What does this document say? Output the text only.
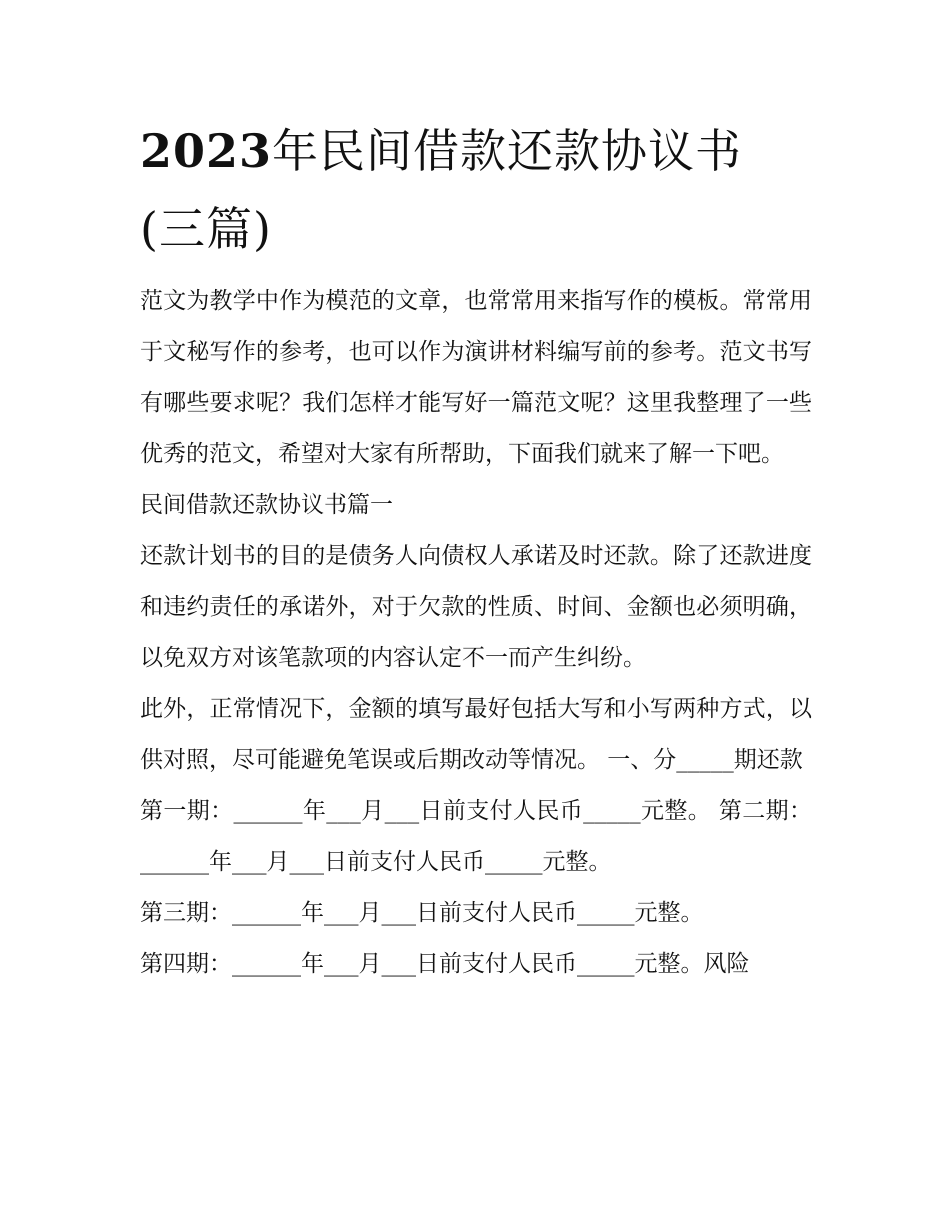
2023年民间借款还款协议书
(三篇)

范文为教学中作为模范的文章，也常常用来指写作的模板。常常用于文秘写作的参考，也可以作为演讲材料编写前的参考。范文书写有哪些要求呢？我们怎样才能写好一篇范文呢？这里我整理了一些优秀的范文，希望对大家有所帮助，下面我们就来了解一下吧。

民间借款还款协议书篇一

还款计划书的目的是债务人向债权人承诺及时还款。除了还款进度和违约责任的承诺外，对于欠款的性质、时间、金额也必须明确，以免双方对该笔款项的内容认定不一而产生纠纷。

此外，正常情况下，金额的填写最好包括大写和小写两种方式，以供对照，尽可能避免笔误或后期改动等情况。 一、分_____期还款

第一期：______年___月___日前支付人民币_____元整。 第二期：______年___月___日前支付人民币_____元整。

第三期：______年___月___日前支付人民币_____元整。

第四期：______年___月___日前支付人民币_____元整。风险
